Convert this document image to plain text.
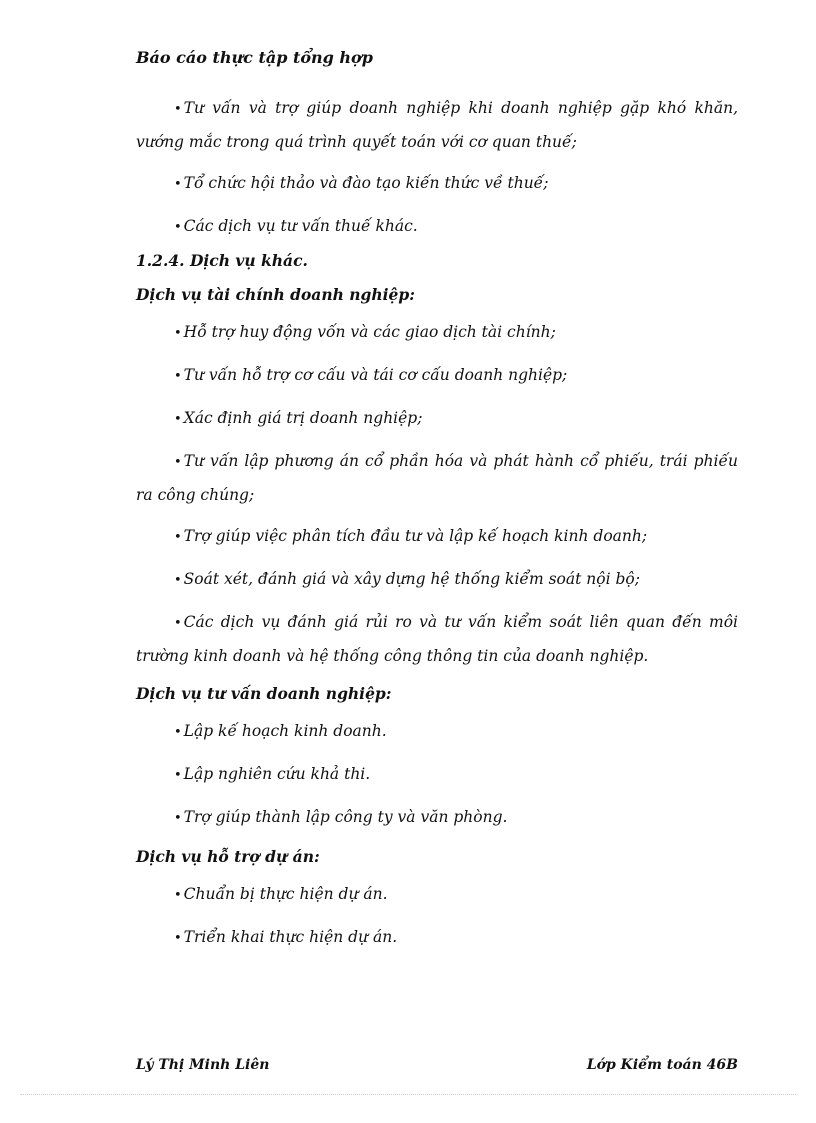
Báo cáo thực tập tổng hợp

• Tư vấn và trợ giúp doanh nghiệp khi doanh nghiệp gặp khó khăn, vướng mắc trong quá trình quyết toán với cơ quan thuế;

• Tổ chức hội thảo và đào tạo kiến thức về thuế;

• Các dịch vụ tư vấn thuế khác.

1.2.4. Dịch vụ khác.

Dịch vụ tài chính doanh nghiệp:

• Hỗ trợ huy động vốn và các giao dịch tài chính;

• Tư vấn hỗ trợ cơ cấu và tái cơ cấu doanh nghiệp;

• Xác định giá trị doanh nghiệp;

• Tư vấn lập phương án cổ phần hóa và phát hành cổ phiếu, trái phiếu ra công chúng;

• Trợ giúp việc phân tích đầu tư và lập kế hoạch kinh doanh;

• Soát xét, đánh giá và xây dựng hệ thống kiểm soát nội bộ;

• Các dịch vụ đánh giá rủi ro và tư vấn kiểm soát liên quan đến môi trường kinh doanh và hệ thống công thông tin của doanh nghiệp.

Dịch vụ tư vấn doanh nghiệp:

• Lập kế hoạch kinh doanh.

• Lập nghiên cứu khả thi.

• Trợ giúp thành lập công ty và văn phòng.

Dịch vụ hỗ trợ dự án:

• Chuẩn bị thực hiện dự án.

• Triển khai thực hiện dự án.

Lý Thị Minh Liên	Lớp Kiểm toán 46B
